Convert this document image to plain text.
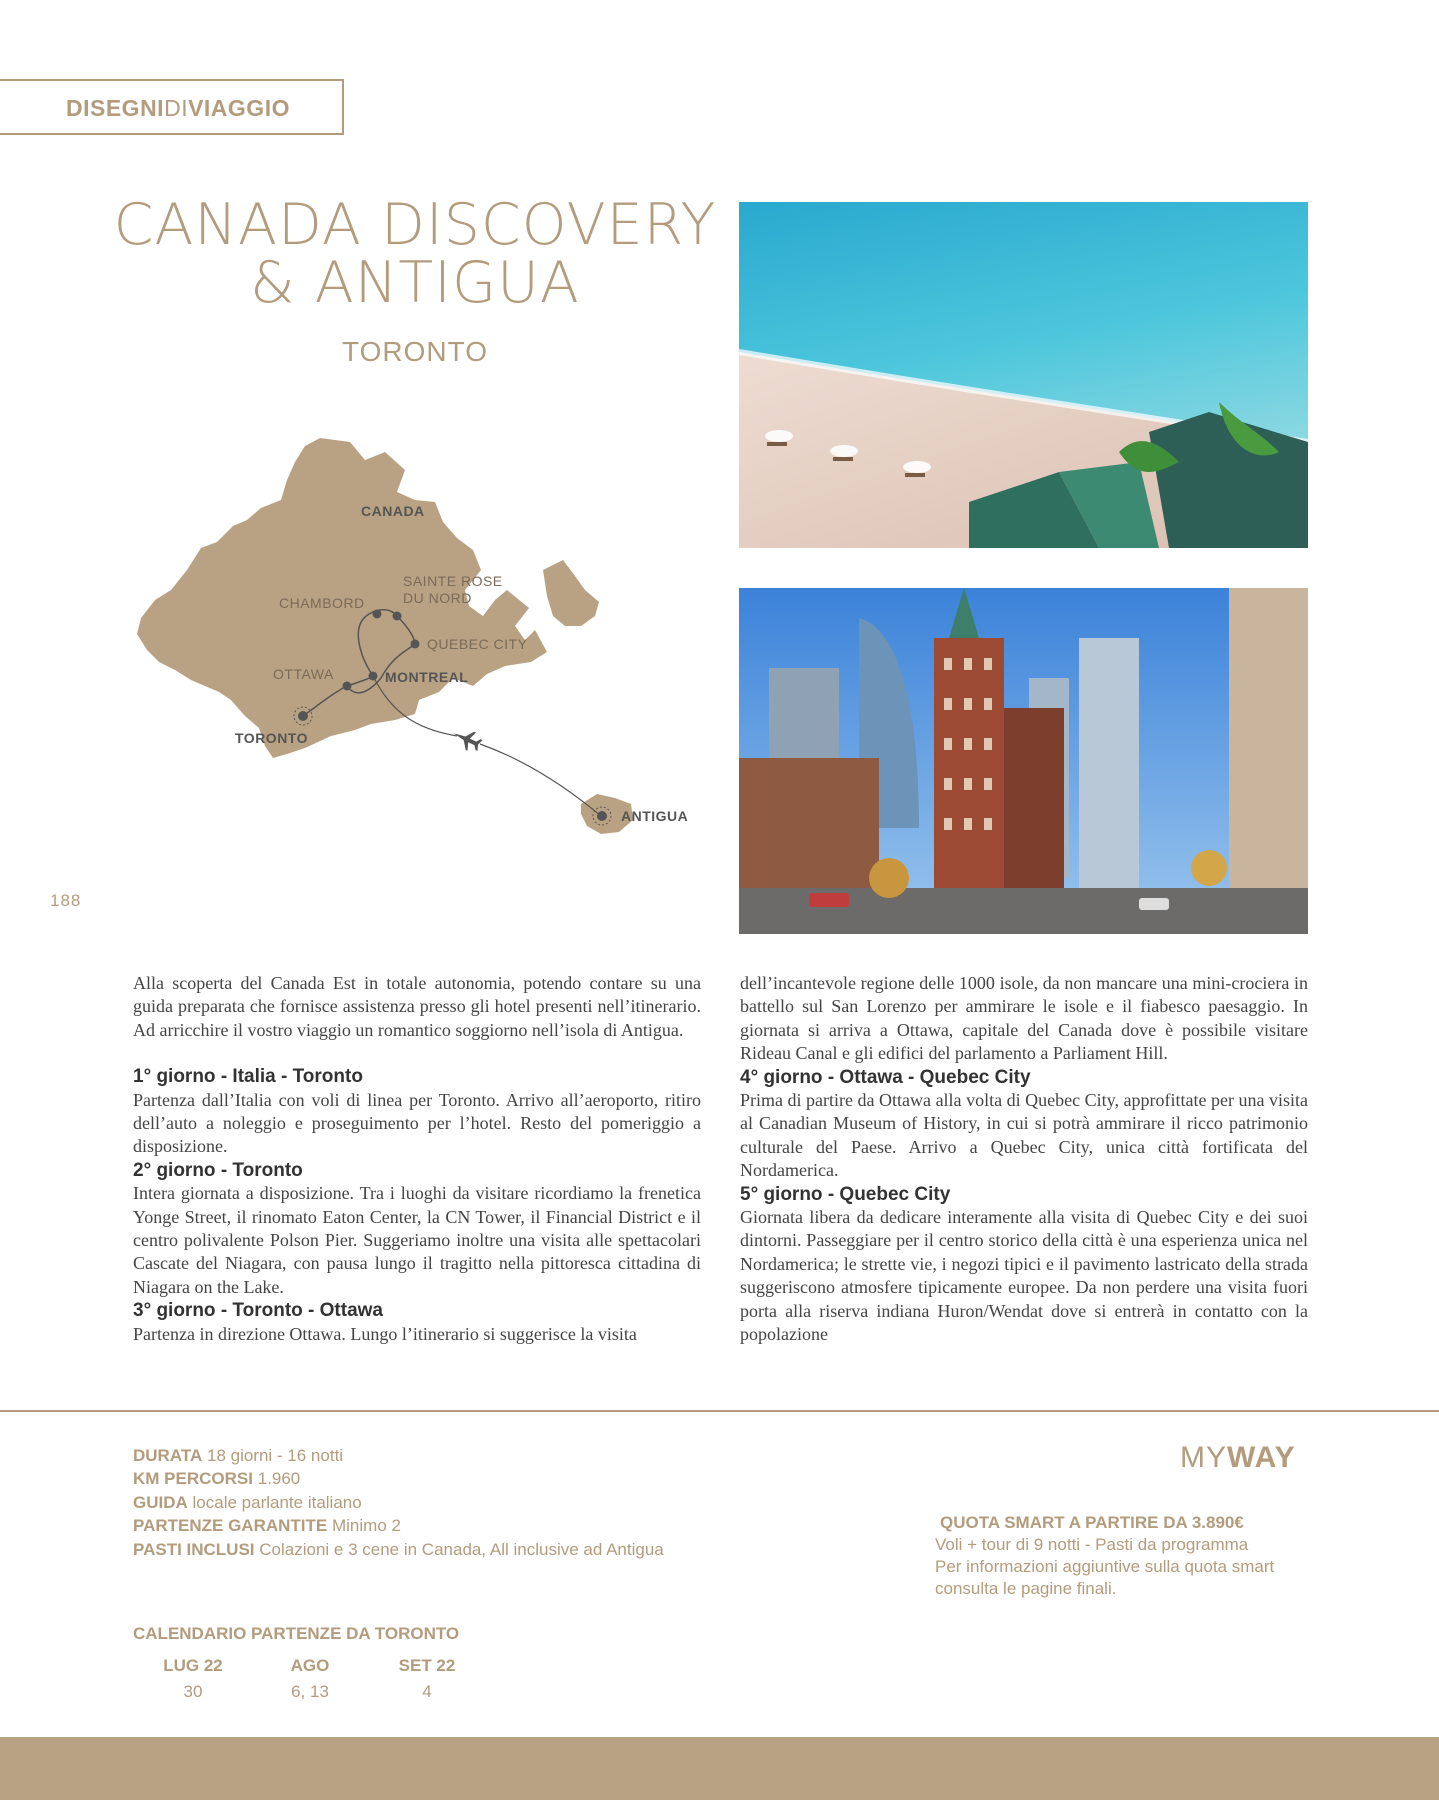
DISEGNIDIVIAGGIO
CANADA DISCOVERY
& ANTIGUA
TORONTO
CANADA
SAINTE ROSE
DU NORD
CHAMBORD
QUEBEC CITY
OTTAWA	MONTREAL
TORONTO
ANTIGUA
188

Alla scoperta del Canada Est in totale autonomia, potendo contare su una guida preparata che fornisce assistenza presso gli hotel presenti nell’itinerario. Ad arricchire il vostro viaggio un romantico soggiorno nell’isola di Antigua.

1° giorno - Italia - Toronto

Partenza dall’Italia con voli di linea per Toronto. Arrivo all’aeroporto, ritiro dell’auto a noleggio e proseguimento per l’hotel. Resto del pomeriggio a disposizione.

2° giorno - Toronto

Intera giornata a disposizione. Tra i luoghi da visitare ricordiamo la frenetica Yonge Street, il rinomato Eaton Center, la CN Tower, il Financial District e il centro polivalente Polson Pier. Suggeriamo inoltre una visita alle spettacolari Cascate del Niagara, con pausa lungo il tragitto nella pittoresca cittadina di Niagara on the Lake.

3° giorno - Toronto - Ottawa

Partenza in direzione Ottawa. Lungo l’itinerario si suggerisce la visita

dell’incantevole regione delle 1000 isole, da non mancare una mini-crociera in battello sul San Lorenzo per ammirare le isole e il fiabesco paesaggio. In giornata si arriva a Ottawa, capitale del Canada dove è possibile visitare Rideau Canal e gli edifici del parlamento a Parliament Hill.

4° giorno - Ottawa - Quebec City

Prima di partire da Ottawa alla volta di Quebec City, approfittate per una visita al Canadian Museum of History, in cui si potrà ammirare il ricco patrimonio culturale del Paese. Arrivo a Quebec City, unica città fortificata del Nordamerica.

5° giorno - Quebec City

Giornata libera da dedicare interamente alla visita di Quebec City e dei suoi dintorni. Passeggiare per il centro storico della città è una esperienza unica nel Nordamerica; le strette vie, i negozi tipici e il pavimento lastricato della strada suggeriscono atmosfere tipicamente europee. Da non perdere una visita fuori porta alla riserva indiana Huron/Wendat dove si entrerà in contatto con la popolazione

DURATA 18 giorni - 16 notti

KM PERCORSI 1.960

GUIDA locale parlante italiano

PARTENZE GARANTITE Minimo 2

PASTI INCLUSI Colazioni e 3 cene in Canada, All inclusive ad Antigua

CALENDARIO PARTENZE DA TORONTO
LUG 22
30
AGO
6, 13
SET 22
4
MYWAY
QUOTA SMART A PARTIRE DA 3.890€
Voli + tour di 9 notti - Pasti da programma
Per informazioni aggiuntive sulla quota smart consulta le pagine finali.
